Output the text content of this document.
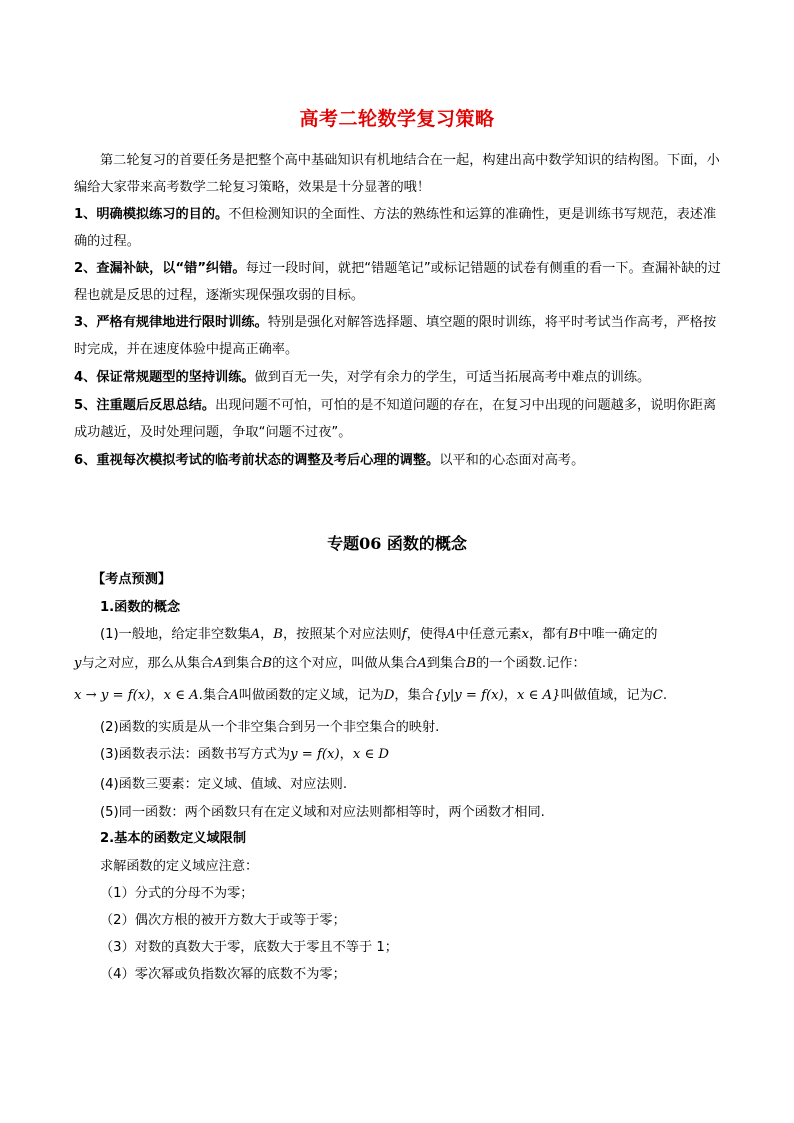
高考二轮数学复习策略

第二轮复习的首要任务是把整个高中基础知识有机地结合在一起，构建出高中数学知识的结构图。下面，小编给大家带来高考数学二轮复习策略，效果是十分显著的哦！

1、明确模拟练习的目的。不但检测知识的全面性、方法的熟练性和运算的准确性，更是训练书写规范，表述准确的过程。

2、查漏补缺，以“错”纠错。每过一段时间，就把“错题笔记”或标记错题的试卷有侧重的看一下。查漏补缺的过程也就是反思的过程，逐渐实现保强攻弱的目标。

3、严格有规律地进行限时训练。特别是强化对解答选择题、填空题的限时训练，将平时考试当作高考，严格按时完成，并在速度体验中提高正确率。

4、保证常规题型的坚持训练。做到百无一失，对学有余力的学生，可适当拓展高考中难点的训练。

5、注重题后反思总结。出现问题不可怕，可怕的是不知道问题的存在，在复习中出现的问题越多，说明你距离成功越近，及时处理问题，争取“问题不过夜”。

6、重视每次模拟考试的临考前状态的调整及考后心理的调整。以平和的心态面对高考。

专题06 函数的概念

【考点预测】

1.函数的概念

(1)一般地，给定非空数集A，B，按照某个对应法则f，使得A中任意元素x，都有B中唯一确定的

y与之对应，那么从集合A到集合B的这个对应，叫做从集合A到集合B的一个函数.记作：

x → y = f(x)，x ∈ A.集合A叫做函数的定义域，记为D，集合{y|y = f(x)，x ∈ A}叫做值域，记为C.

(2)函数的实质是从一个非空集合到另一个非空集合的映射.

(3)函数表示法：函数书写方式为y = f(x)，x ∈ D

(4)函数三要素：定义域、值域、对应法则.

(5)同一函数：两个函数只有在定义域和对应法则都相等时，两个函数才相同.

2.基本的函数定义域限制

求解函数的定义域应注意：

（1）分式的分母不为零；

（2）偶次方根的被开方数大于或等于零；

（3）对数的真数大于零，底数大于零且不等于 1；

（4）零次幂或负指数次幂的底数不为零；
